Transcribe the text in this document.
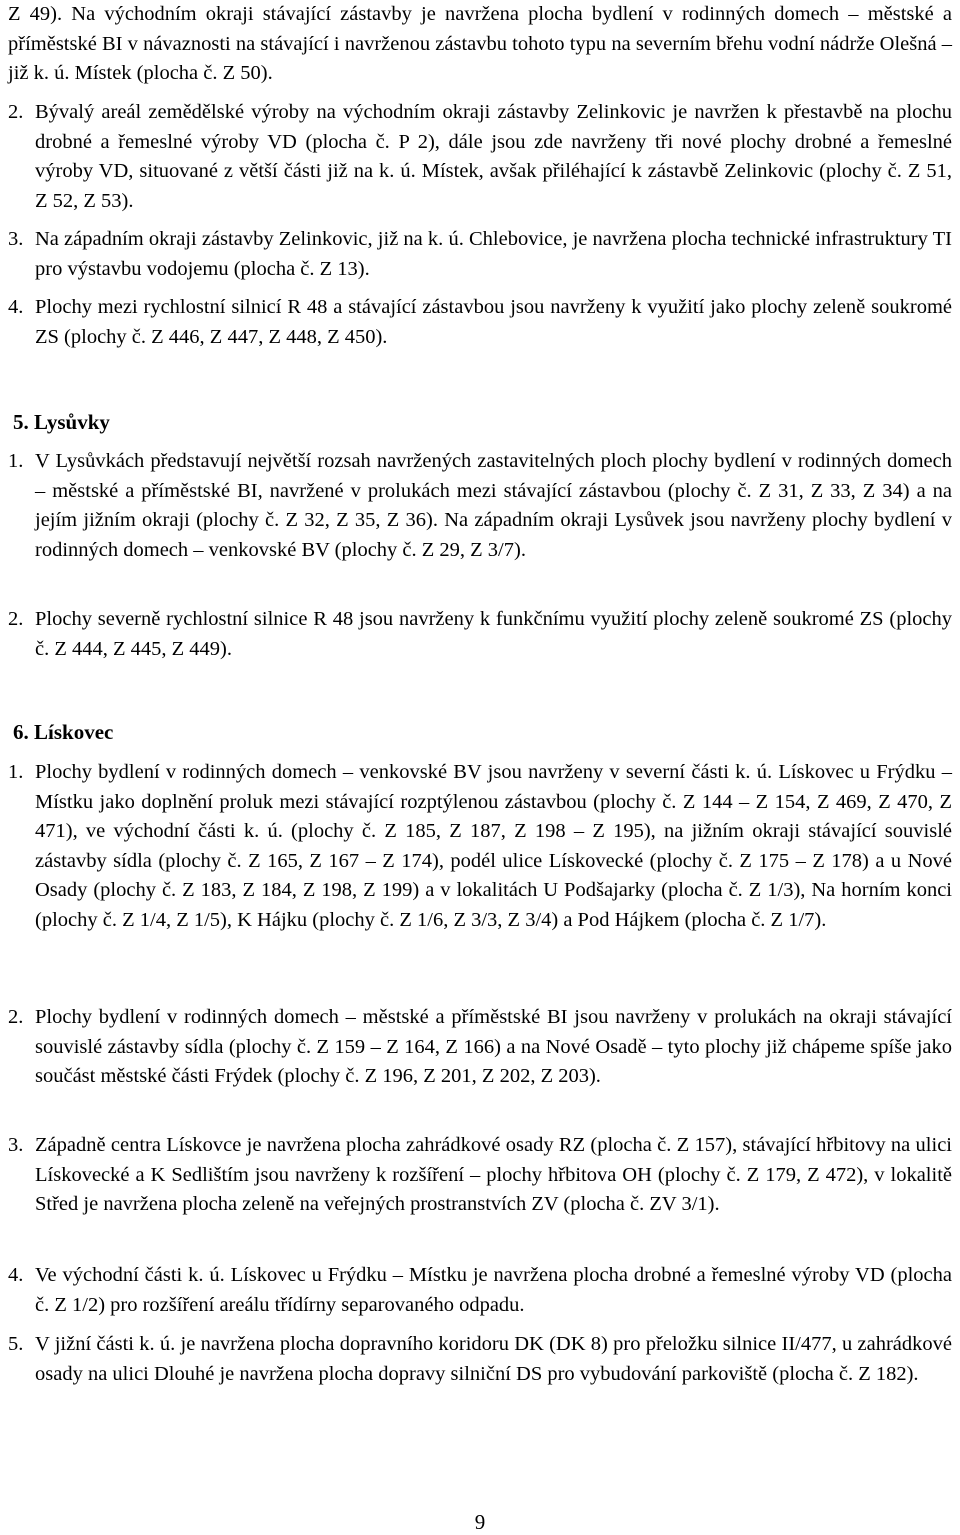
Z 49). Na východním okraji stávající zástavby je navržena plocha bydlení v rodinných domech – městské a příměstské BI v návaznosti na stávající i navrženou zástavbu tohoto typu na severním břehu vodní nádrže Olešná – již k. ú. Místek (plocha č. Z 50).
2. Bývalý areál zemědělské výroby na východním okraji zástavby Zelinkovic je navržen k přestavbě na plochu drobné a řemeslné výroby VD (plocha č. P 2), dále jsou zde navrženy tři nové plochy drobné a řemeslné výroby VD, situované z větší části již na k. ú. Místek, avšak přiléhající k zástavbě Zelinkovic (plochy č. Z 51, Z 52, Z 53).
3. Na západním okraji zástavby Zelinkovic, již na k. ú. Chlebovice, je navržena plocha technické infrastruktury TI pro výstavbu vodojemu (plocha č. Z 13).
4. Plochy mezi rychlostní silnicí R 48 a stávající zástavbou jsou navrženy k využití jako plochy zeleně soukromé ZS (plochy č. Z 446, Z 447, Z 448, Z 450).
5. Lysůvky
1. V Lysůvkách představují největší rozsah navržených zastavitelných ploch plochy bydlení v rodinných domech – městské a příměstské BI, navržené v prolukách mezi stávající zástavbou (plochy č. Z 31, Z 33, Z 34) a na jejím jižním okraji (plochy č. Z 32, Z 35, Z 36). Na západním okraji Lysůvek jsou navrženy plochy bydlení v rodinných domech – venkovské BV (plochy č. Z 29, Z 3/7).
2. Plochy severně rychlostní silnice R 48 jsou navrženy k funkčnímu využití plochy zeleně soukromé ZS (plochy č. Z 444, Z 445, Z 449).
6. Lískovec
1. Plochy bydlení v rodinných domech – venkovské BV jsou navrženy v severní části k. ú. Lískovec u Frýdku – Místku jako doplnění proluk mezi stávající rozptýlenou zástavbou (plochy č. Z 144 – Z 154, Z 469, Z 470, Z 471), ve východní části k. ú. (plochy č. Z 185, Z 187, Z 198 – Z 195), na jižním okraji stávající souvislé zástavby sídla (plochy č. Z 165, Z 167 – Z 174), podél ulice Lískovecké (plochy č. Z 175 – Z 178) a u Nové Osady (plochy č. Z 183, Z 184, Z 198, Z 199) a v lokalitách U Podšajarky (plocha č. Z 1/3), Na horním konci (plochy č. Z 1/4, Z 1/5), K Hájku (plochy č. Z 1/6, Z 3/3, Z 3/4) a Pod Hájkem (plocha č. Z 1/7).
2. Plochy bydlení v rodinných domech – městské a příměstské BI jsou navrženy v prolukách na okraji stávající souvislé zástavby sídla (plochy č. Z 159 – Z 164, Z 166) a na Nové Osadě – tyto plochy již chápeme spíše jako součást městské části Frýdek (plochy č. Z 196, Z 201, Z 202, Z 203).
3. Západně centra Lískovce je navržena plocha zahrádkové osady RZ (plocha č. Z 157), stávající hřbitovy na ulici Lískovecké a K Sedlištím jsou navrženy k rozšíření – plochy hřbitova OH (plochy č. Z 179, Z 472), v lokalitě Střed je navržena plocha zeleně na veřejných prostranstvích ZV (plocha č. ZV 3/1).
4. Ve východní části k. ú. Lískovec u Frýdku – Místku je navržena plocha drobné a řemeslné výroby VD (plocha č. Z 1/2) pro rozšíření areálu třídírny separovaného odpadu.
5. V jižní části k. ú. je navržena plocha dopravního koridoru DK (DK 8) pro přeložku silnice II/477, u zahrádkové osady na ulici Dlouhé je navržena plocha dopravy silniční DS pro vybudování parkoviště (plocha č. Z 182).
9
